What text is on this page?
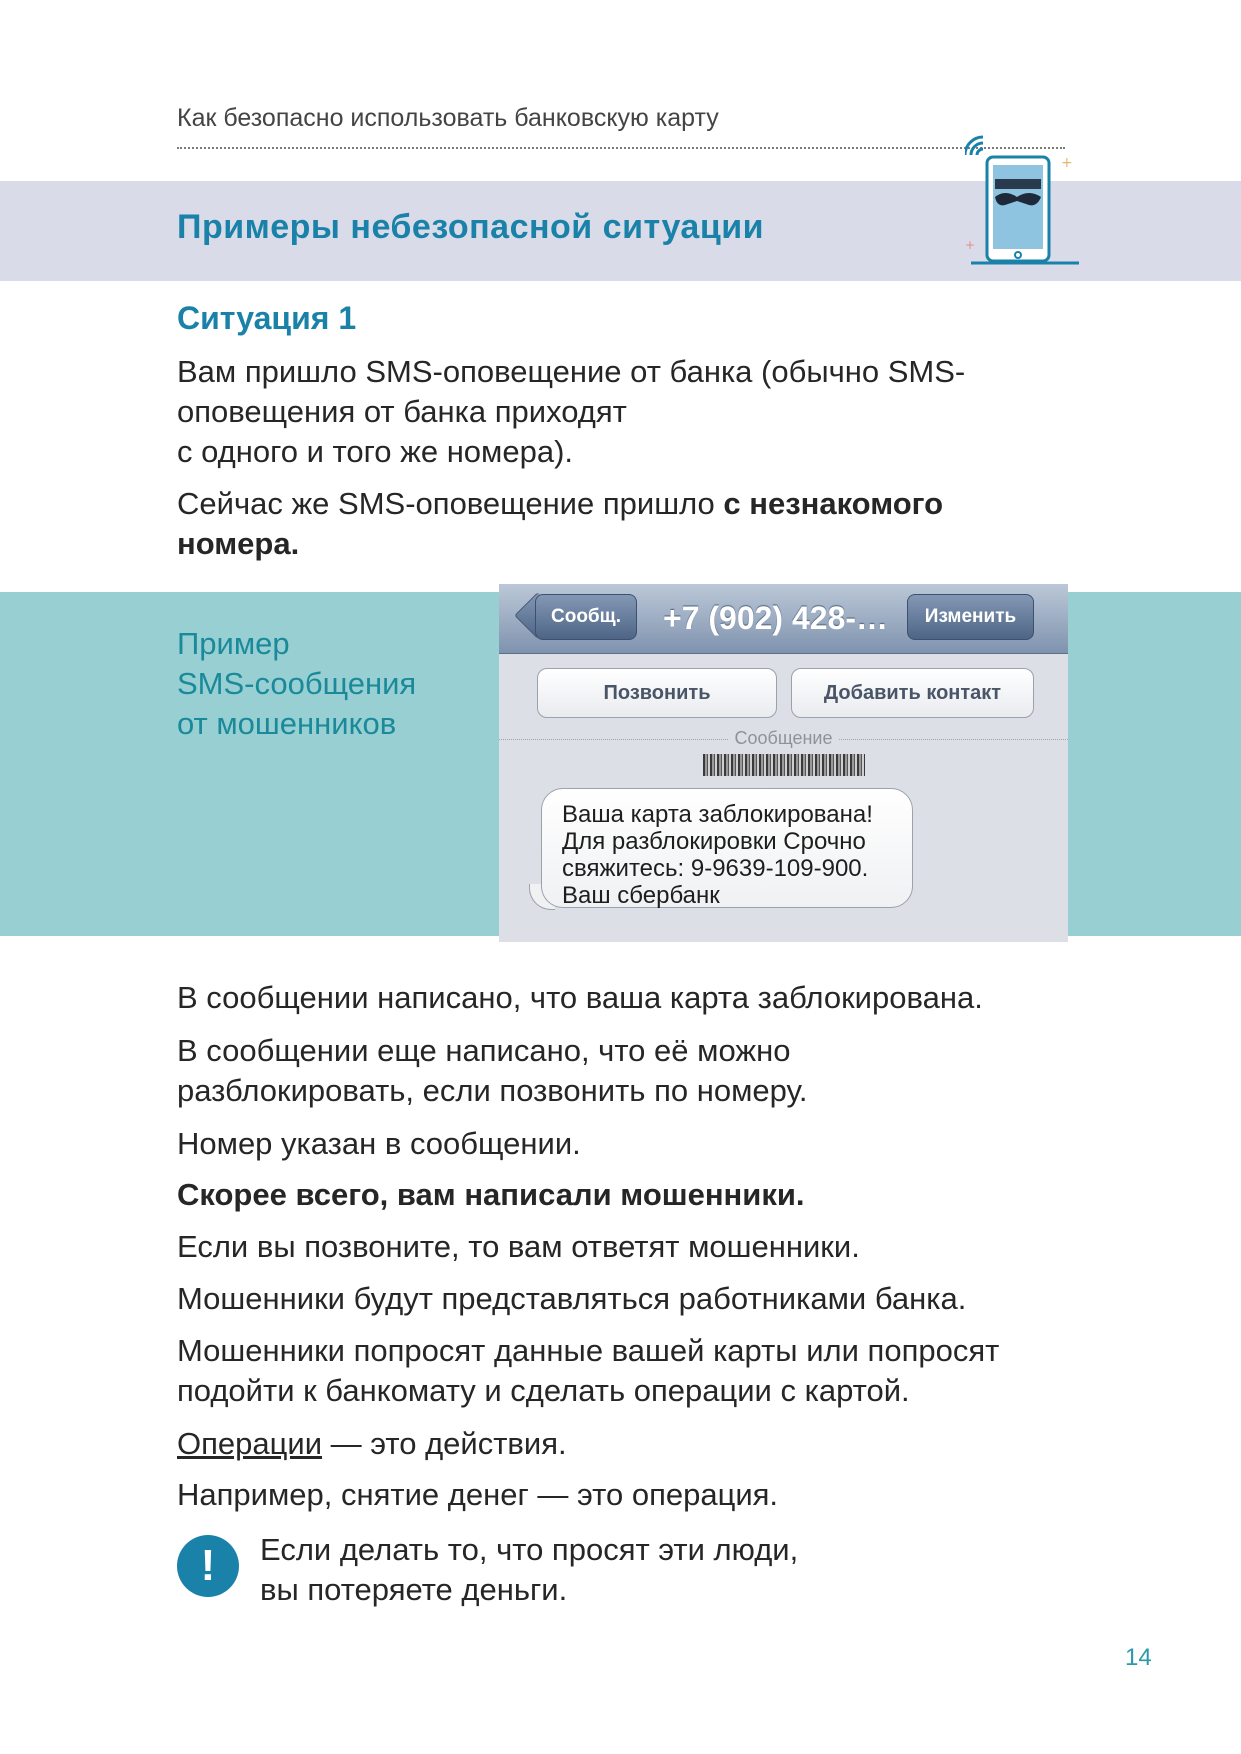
Как безопасно использовать банковскую карту
Примеры небезопасной ситуации
+
+
Ситуация 1
Вам пришло SMS-оповещение от банка (обычно SMS-
оповещения от банка приходят
с одного и того же номера).
Сейчас же SMS-оповещение пришло с незнакомого номера.
Пример
SMS-сообщения
от мошенников
Сообщ.	+7 (902) 428-…	Изменить
Позвонить	Добавить контакт
Сообщение
Ваша карта заблокирована!
Для разблокировки Срочно
свяжитесь: 9-9639-109-900.
Ваш сбербанк
В сообщении написано, что ваша карта заблокирована.
В сообщении еще написано, что её можно
разблокировать, если позвонить по номеру.
Номер указан в сообщении.
Скорее всего, вам написали мошенники.
Если вы позвоните, то вам ответят мошенники.
Мошенники будут представляться работниками банка.
Мошенники попросят данные вашей карты или попросят
подойти к банкомату и сделать операции с картой.
Операции — это действия.
Например, снятие денег — это операция.
!	Если делать то, что просят эти люди,
вы потеряете деньги.
14
